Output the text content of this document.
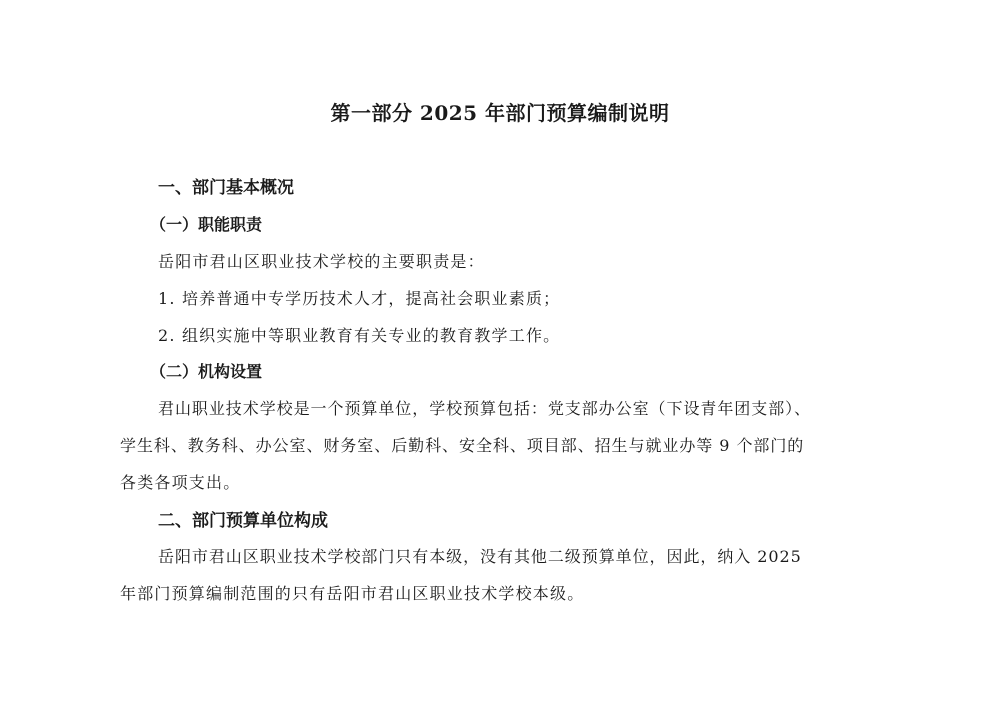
第一部分 2025 年部门预算编制说明
一、部门基本概况
（一）职能职责
岳阳市君山区职业技术学校的主要职责是：
1. 培养普通中专学历技术人才，提高社会职业素质；
2. 组织实施中等职业教育有关专业的教育教学工作。
（二）机构设置
君山职业技术学校是一个预算单位，学校预算包括：党支部办公室（下设青年团支部）、
学生科、教务科、办公室、财务室、后勤科、安全科、项目部、招生与就业办等 9 个部门的
各类各项支出。
二、部门预算单位构成
岳阳市君山区职业技术学校部门只有本级，没有其他二级预算单位，因此，纳入 2025
年部门预算编制范围的只有岳阳市君山区职业技术学校本级。
